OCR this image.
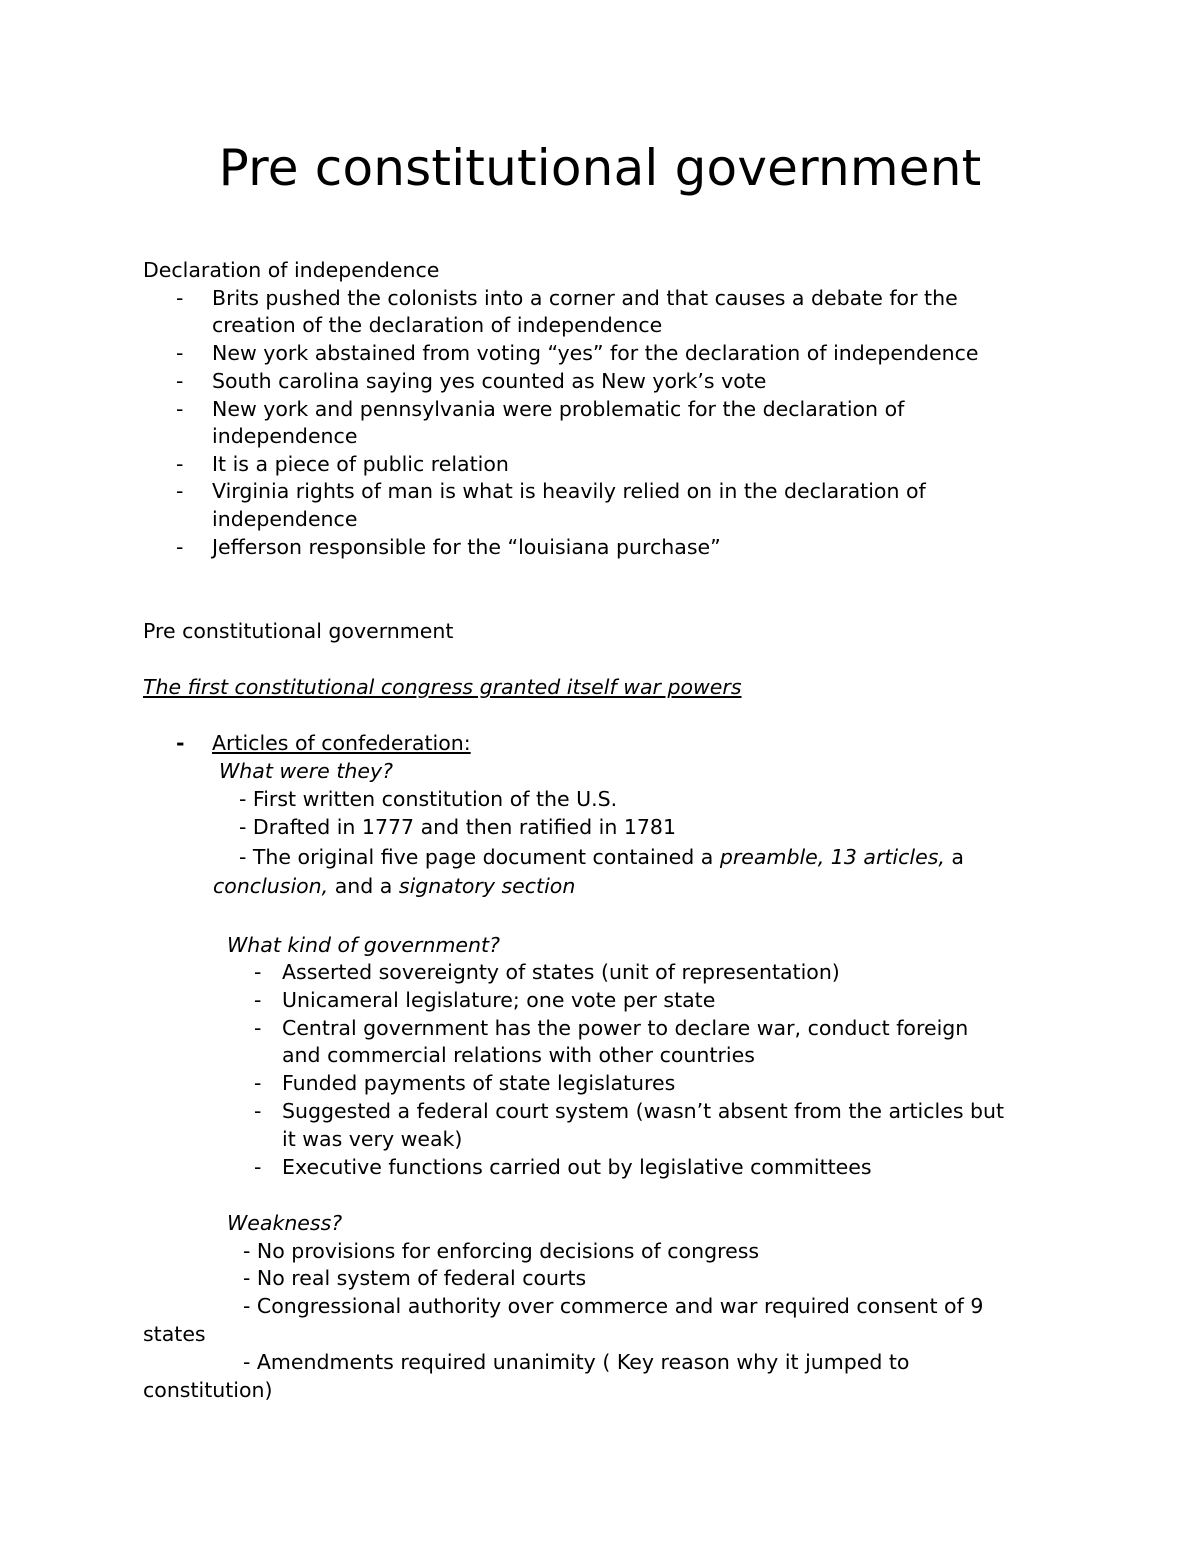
Pre constitutional government
Declaration of independence
- Brits pushed the colonists into a corner and that causes a debate for the
creation of the declaration of independence
- New york abstained from voting “yes” for the declaration of independence
- South carolina saying yes counted as New york’s vote
- New york and pennsylvania were problematic for the declaration of
independence
- It is a piece of public relation
- Virginia rights of man is what is heavily relied on in the declaration of
independence
- Jefferson responsible for the “louisiana purchase”
Pre constitutional government
The first constitutional congress granted itself war powers
- Articles of confederation:
What were they?
- First written constitution of the U.S.
- Drafted in 1777 and then ratified in 1781
- The original five page document contained a preamble, 13 articles, a
conclusion, and a signatory section
What kind of government?
- Asserted sovereignty of states (unit of representation)
- Unicameral legislature; one vote per state
- Central government has the power to declare war, conduct foreign
and commercial relations with other countries
- Funded payments of state legislatures
- Suggested a federal court system (wasn’t absent from the articles but
it was very weak)
- Executive functions carried out by legislative committees
Weakness?
- No provisions for enforcing decisions of congress
- No real system of federal courts
- Congressional authority over commerce and war required consent of 9
states
- Amendments required unanimity ( Key reason why it jumped to
constitution)
